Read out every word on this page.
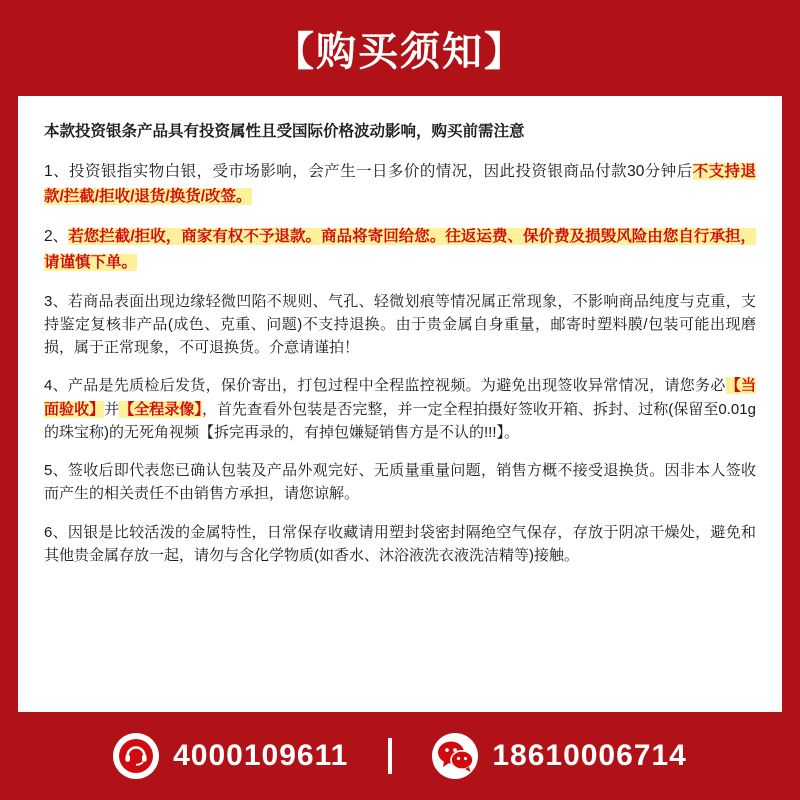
【购买须知】

本款投资银条产品具有投资属性且受国际价格波动影响，购买前需注意

1、投资银指实物白银，受市场影响，会产生一日多价的情况，因此投资银商品付款30分钟后不支持退款/拦截/拒收/退货/换货/改签。

2、若您拦截/拒收，商家有权不予退款。商品将寄回给您。往返运费、保价费及损毁风险由您自行承担，请谨慎下单。

3、若商品表面出现边缘轻微凹陷不规则、气孔、轻微划痕等情况属正常现象，不影响商品纯度与克重，支持鉴定复核非产品(成色、克重、问题)不支持退换。由于贵金属自身重量，邮寄时塑料膜/包装可能出现磨损，属于正常现象，不可退换货。介意请谨拍！

4、产品是先质检后发货，保价寄出，打包过程中全程监控视频。为避免出现签收异常情况，请您务必【当面验收】并【全程录像】，首先查看外包装是否完整，并一定全程拍摄好签收开箱、拆封、过称(保留至0.01g的珠宝称)的无死角视频【拆完再录的，有掉包嫌疑销售方是不认的!!!】。

5、签收后即代表您已确认包装及产品外观完好、无质量重量问题，销售方概不接受退换货。因非本人签收而产生的相关责任不由销售方承担，请您谅解。

6、因银是比较活泼的金属特性，日常保存收藏请用塑封袋密封隔绝空气保存，存放于阴凉干燥处，避免和其他贵金属存放一起，请勿与含化学物质(如香水、沐浴液洗衣液洗洁精等)接触。

4000109611	18610006714
